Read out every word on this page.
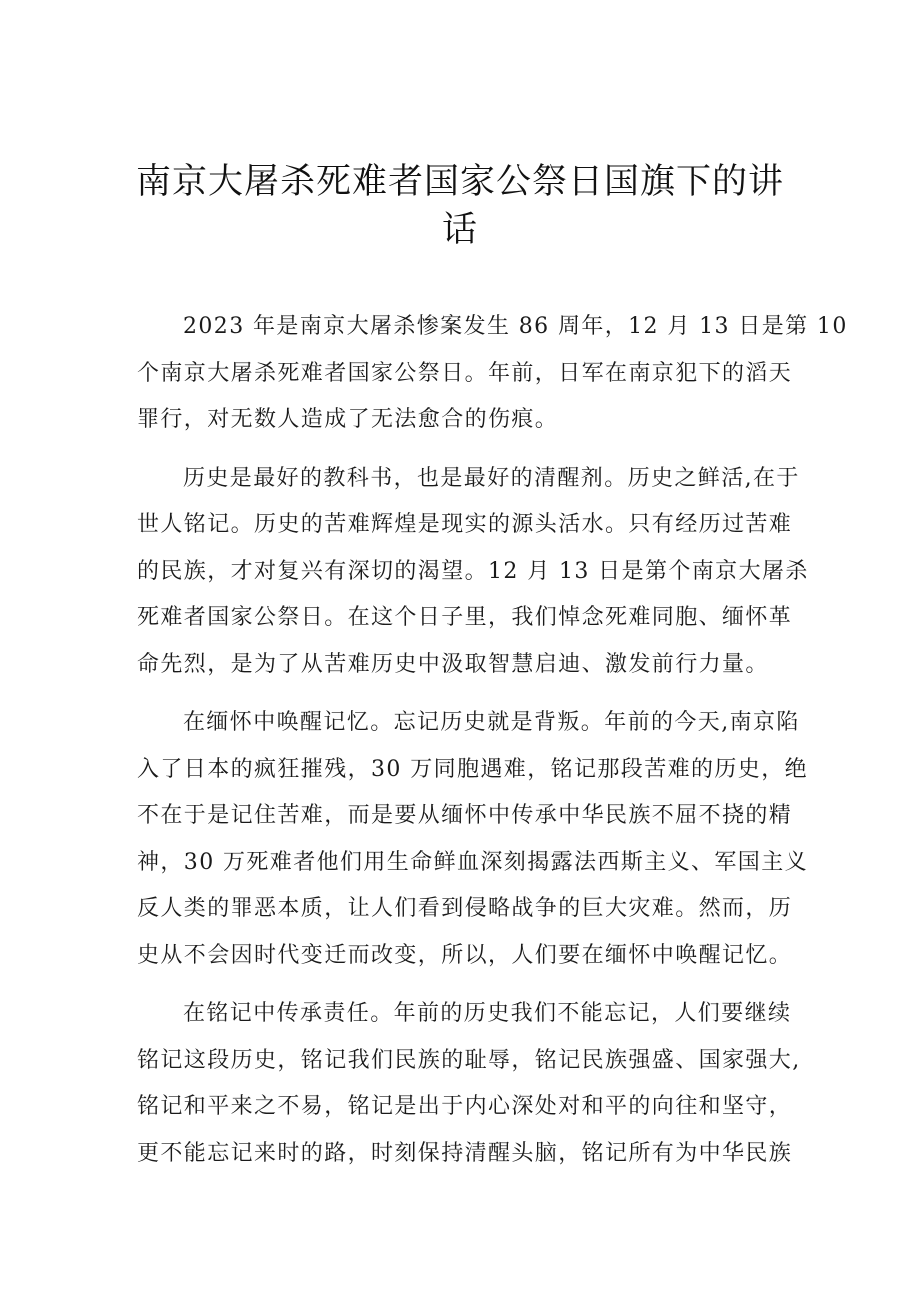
南京大屠杀死难者国家公祭日国旗下的讲
话
2023 年是南京大屠杀惨案发生 86 周年，12 月 13 日是第 10
个南京大屠杀死难者国家公祭日。年前，日军在南京犯下的滔天
罪行，对无数人造成了无法愈合的伤痕。
历史是最好的教科书，也是最好的清醒剂。历史之鲜活,在于
世人铭记。历史的苦难辉煌是现实的源头活水。只有经历过苦难
的民族，才对复兴有深切的渴望。12 月 13 日是第个南京大屠杀
死难者国家公祭日。在这个日子里，我们悼念死难同胞、缅怀革
命先烈，是为了从苦难历史中汲取智慧启迪、激发前行力量。
在缅怀中唤醒记忆。忘记历史就是背叛。年前的今天,南京陷
入了日本的疯狂摧残，30 万同胞遇难，铭记那段苦难的历史，绝
不在于是记住苦难，而是要从缅怀中传承中华民族不屈不挠的精
神，30 万死难者他们用生命鲜血深刻揭露法西斯主义、军国主义
反人类的罪恶本质，让人们看到侵略战争的巨大灾难。然而，历
史从不会因时代变迁而改变，所以，人们要在缅怀中唤醒记忆。
在铭记中传承责任。年前的历史我们不能忘记，人们要继续
铭记这段历史，铭记我们民族的耻辱，铭记民族强盛、国家强大,
铭记和平来之不易，铭记是出于内心深处对和平的向往和坚守，
更不能忘记来时的路，时刻保持清醒头脑，铭记所有为中华民族
